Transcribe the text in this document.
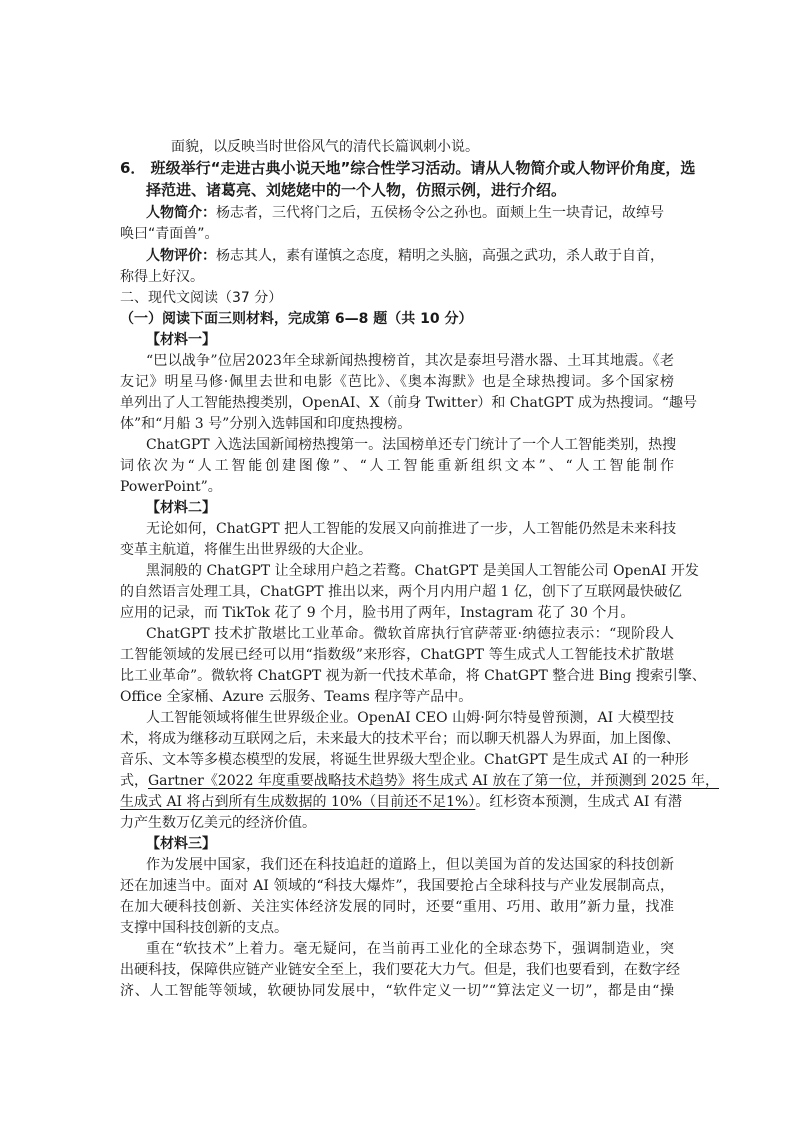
面貌，以反映当时世俗风气的清代长篇讽刺小说。

6． 班级举行“走进古典小说天地”综合性学习活动。请从人物简介或人物评价角度，选

择范进、诸葛亮、刘姥姥中的一个人物，仿照示例，进行介绍。

人物简介：杨志者，三代将门之后，五侯杨令公之孙也。面颊上生一块青记，故绰号

唤曰“青面兽”。

人物评价：杨志其人，素有谨慎之态度，精明之头脑，高强之武功，杀人敢于自首，

称得上好汉。

二、现代文阅读（37 分）

（一）阅读下面三则材料，完成第 6—8 题（共 10 分）

【材料一】

“巴以战争”位居2023年全球新闻热搜榜首，其次是泰坦号潜水器、土耳其地震。《老

友记》明星马修·佩里去世和电影《芭比》、《奥本海默》也是全球热搜词。多个国家榜

单列出了人工智能热搜类别，OpenAI、X（前身 Twitter）和 ChatGPT 成为热搜词。“趣号

体”和“月船 3 号”分别入选韩国和印度热搜榜。

ChatGPT 入选法国新闻榜热搜第一。法国榜单还专门统计了一个人工智能类别，热搜

词依次为“人工智能创建图像”、“人工智能重新组织文本”、“人工智能制作

PowerPoint”。

【材料二】

无论如何，ChatGPT 把人工智能的发展又向前推进了一步，人工智能仍然是未来科技

变革主航道，将催生出世界级的大企业。

黑洞般的 ChatGPT 让全球用户趋之若鹜。ChatGPT 是美国人工智能公司 OpenAI 开发

的自然语言处理工具，ChatGPT 推出以来，两个月内用户超 1 亿，创下了互联网最快破亿

应用的记录，而 TikTok 花了 9 个月，脸书用了两年，Instagram 花了 30 个月。

ChatGPT 技术扩散堪比工业革命。微软首席执行官萨蒂亚·纳德拉表示：“现阶段人

工智能领域的发展已经可以用“指数级”来形容，ChatGPT 等生成式人工智能技术扩散堪

比工业革命”。微软将 ChatGPT 视为新一代技术革命，将 ChatGPT 整合进 Bing 搜索引擎、

Office 全家桶、Azure 云服务、Teams 程序等产品中。

人工智能领域将催生世界级企业。OpenAI CEO 山姆·阿尔特曼曾预测，AI 大模型技

术，将成为继移动互联网之后，未来最大的技术平台；而以聊天机器人为界面，加上图像、

音乐、文本等多模态模型的发展，将诞生世界级大型企业。ChatGPT 是生成式 AI 的一种形

式，Gartner《2022 年度重要战略技术趋势》将生成式 AI 放在了第一位，并预测到 2025 年，

生成式 AI 将占到所有生成数据的 10%（目前还不足1%）。红杉资本预测，生成式 AI 有潜

力产生数万亿美元的经济价值。

【材料三】

作为发展中国家，我们还在科技追赶的道路上，但以美国为首的发达国家的科技创新

还在加速当中。面对 AI 领域的“科技大爆炸”，我国要抢占全球科技与产业发展制高点，

在加大硬科技创新、关注实体经济发展的同时，还要“重用、巧用、敢用”新力量，找准

支撑中国科技创新的支点。

重在“软技术”上着力。毫无疑问，在当前再工业化的全球态势下，强调制造业，突

出硬科技，保障供应链产业链安全至上，我们要花大力气。但是，我们也要看到，在数字经

济、人工智能等领域，软硬协同发展中，“软件定义一切”“算法定义一切”，都是由“操
